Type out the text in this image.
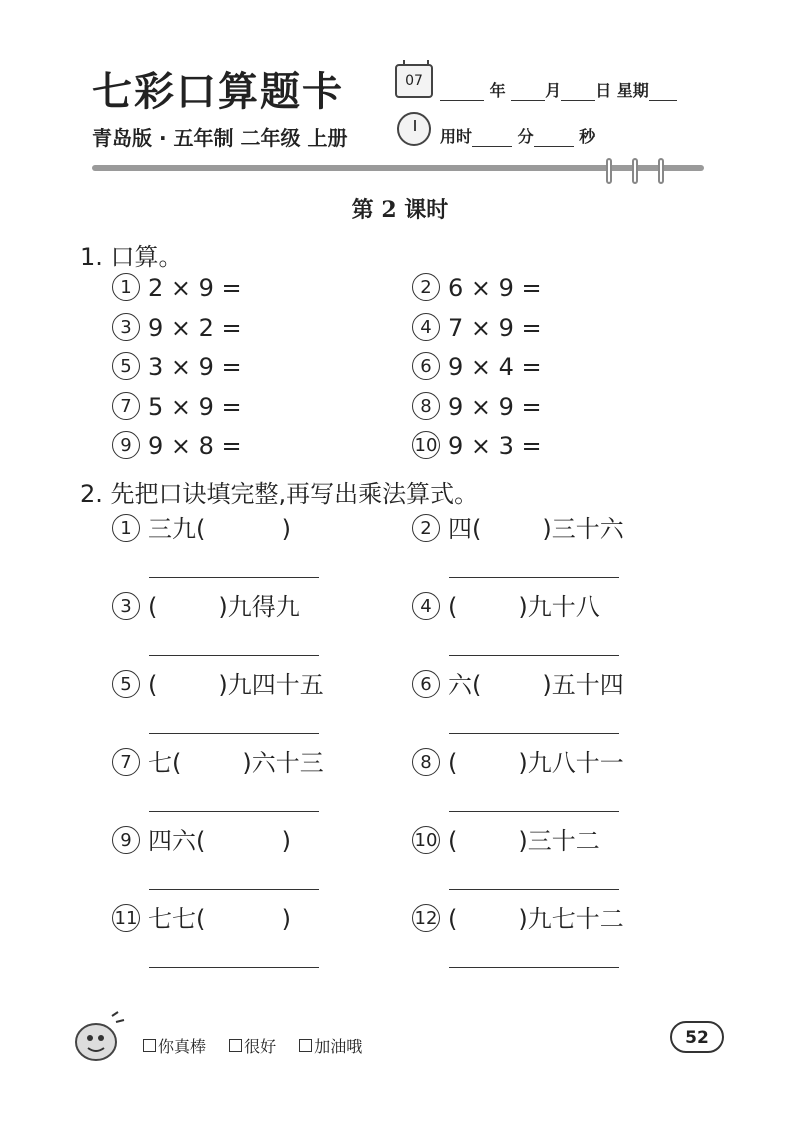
七彩口算题卡
青岛版 · 五年制 二年级 上册
07	年 月 日 星期
用时	分	秒
第 2 课时
1. 口算。
1 2 × 9 =	2 6 × 9 =
3 9 × 2 =	4 7 × 9 =
5 3 × 9 =	6 9 × 4 =
7 5 × 9 =	8 9 × 9 =
9 9 × 8 =	10 9 × 3 =
2. 先把口诀填完整,再写出乘法算式。
1 三九(          )	2 四(        )三十六
3 (        )九得九	4 (        )九十八
5 (        )九四十五	6 六(        )五十四
7 七(        )六十三	8 (        )九八十一
9 四六(          )	10 (        )三十二
11 七七(          )	12 (        )九七十二
你真棒 很好 加油哦	52
